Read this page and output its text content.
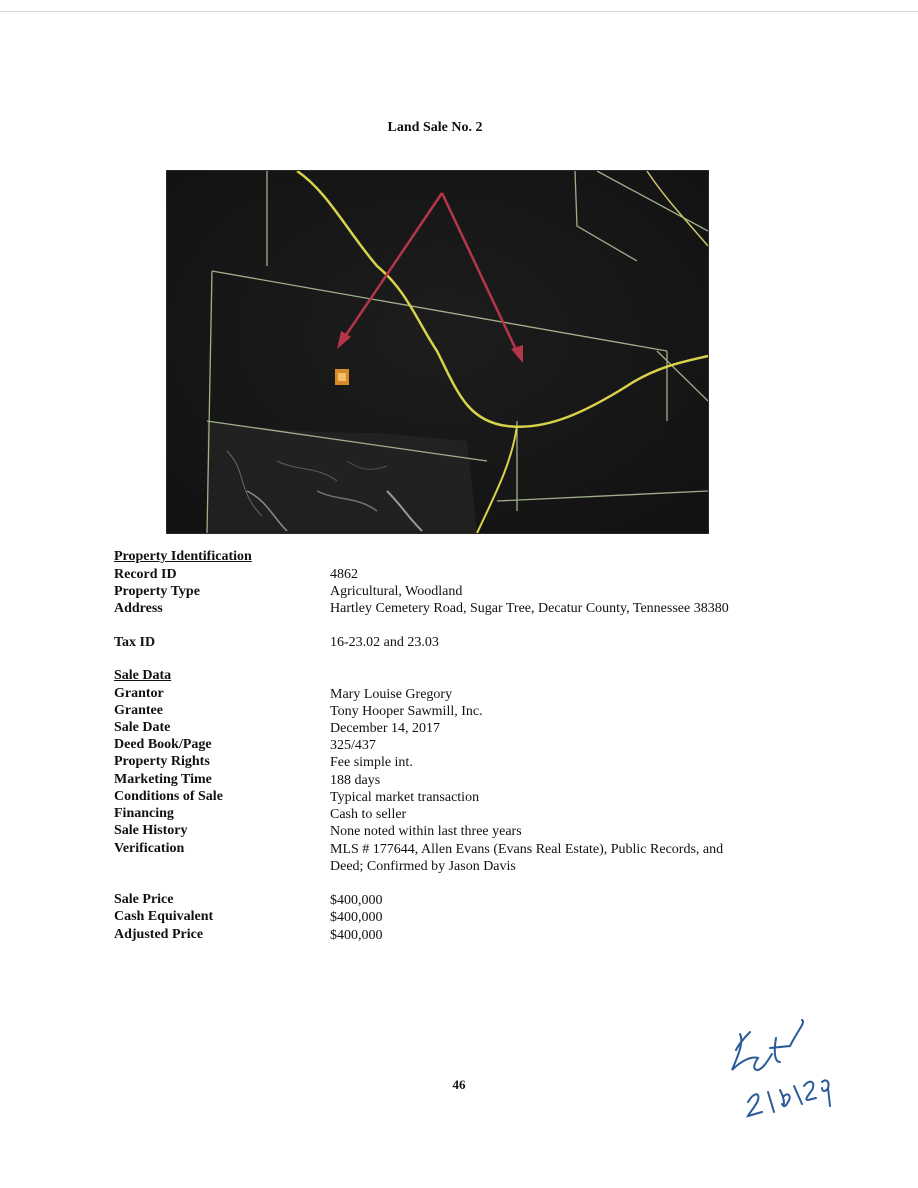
Land Sale No. 2
Property Identification
Record ID	4862
Property Type	Agricultural, Woodland
Address	Hartley Cemetery Road, Sugar Tree, Decatur County, Tennessee 38380
Tax ID	16-23.02 and 23.03
Sale Data
Grantor	Mary Louise Gregory
Grantee	Tony Hooper Sawmill, Inc.
Sale Date	December 14, 2017
Deed Book/Page	325/437
Property Rights	Fee simple int.
Marketing Time	188 days
Conditions of Sale	Typical market transaction
Financing	Cash to seller
Sale History	None noted within last three years
Verification	MLS # 177644, Allen Evans (Evans Real Estate), Public Records, and Deed; Confirmed by Jason Davis
Sale Price	$400,000
Cash Equivalent	$400,000
Adjusted Price	$400,000
2/15/2019
46
